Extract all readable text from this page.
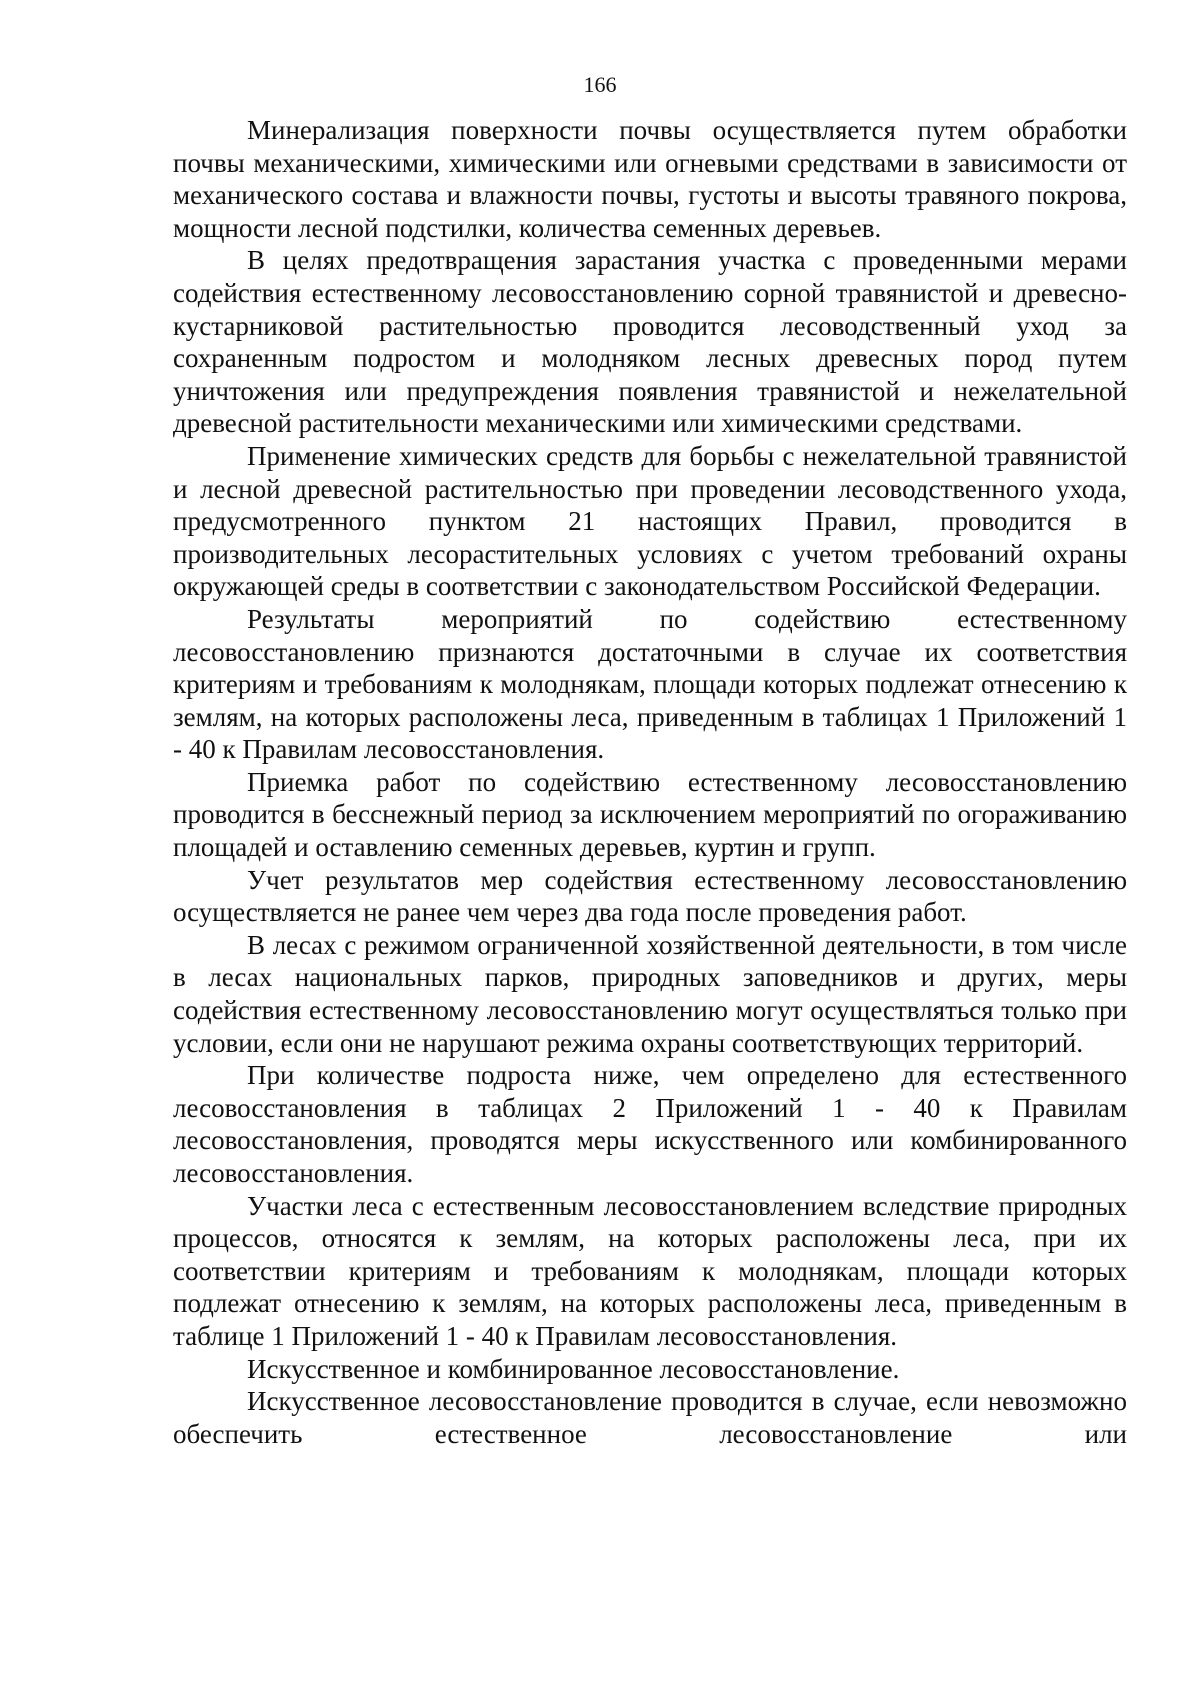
166

Минерализация поверхности почвы осуществляется путем обработки почвы механическими, химическими или огневыми средствами в зависимости от механического состава и влажности почвы, густоты и высоты травяного покрова, мощности лесной подстилки, количества семенных деревьев.

В целях предотвращения зарастания участка с проведенными мерами содействия естественному лесовосстановлению сорной травянистой и древесно-кустарниковой растительностью проводится лесоводственный уход за сохраненным подростом и молодняком лесных древесных пород путем уничтожения или предупреждения появления травянистой и нежелательной древесной растительности механическими или химическими средствами.

Применение химических средств для борьбы с нежелательной травянистой и лесной древесной растительностью при проведении лесоводственного ухода, предусмотренного пунктом 21 настоящих Правил, проводится в производительных лесорастительных условиях с учетом требований охраны окружающей среды в соответствии с законодательством Российской Федерации.

Результаты мероприятий по содействию естественному лесовосстановлению признаются достаточными в случае их соответствия критериям и требованиям к молоднякам, площади которых подлежат отнесению к землям, на которых расположены леса, приведенным в таблицах 1 Приложений 1 - 40 к Правилам лесовосстановления.

Приемка работ по содействию естественному лесовосстановлению проводится в бесснежный период за исключением мероприятий по огораживанию площадей и оставлению семенных деревьев, куртин и групп.

Учет результатов мер содействия естественному лесовосстановлению осуществляется не ранее чем через два года после проведения работ.

В лесах с режимом ограниченной хозяйственной деятельности, в том числе в лесах национальных парков, природных заповедников и других, меры содействия естественному лесовосстановлению могут осуществляться только при условии, если они не нарушают режима охраны соответствующих территорий.

При количестве подроста ниже, чем определено для естественного лесовосстановления в таблицах 2 Приложений 1 - 40 к Правилам лесовосстановления, проводятся меры искусственного или комбинированного лесовосстановления.

Участки леса с естественным лесовосстановлением вследствие природных процессов, относятся к землям, на которых расположены леса, при их соответствии критериям и требованиям к молоднякам, площади которых подлежат отнесению к землям, на которых расположены леса, приведенным в таблице 1 Приложений 1 - 40 к Правилам лесовосстановления.

Искусственное и комбинированное лесовосстановление.

Искусственное лесовосстановление проводится в случае, если невозможно обеспечить естественное лесовосстановление или
